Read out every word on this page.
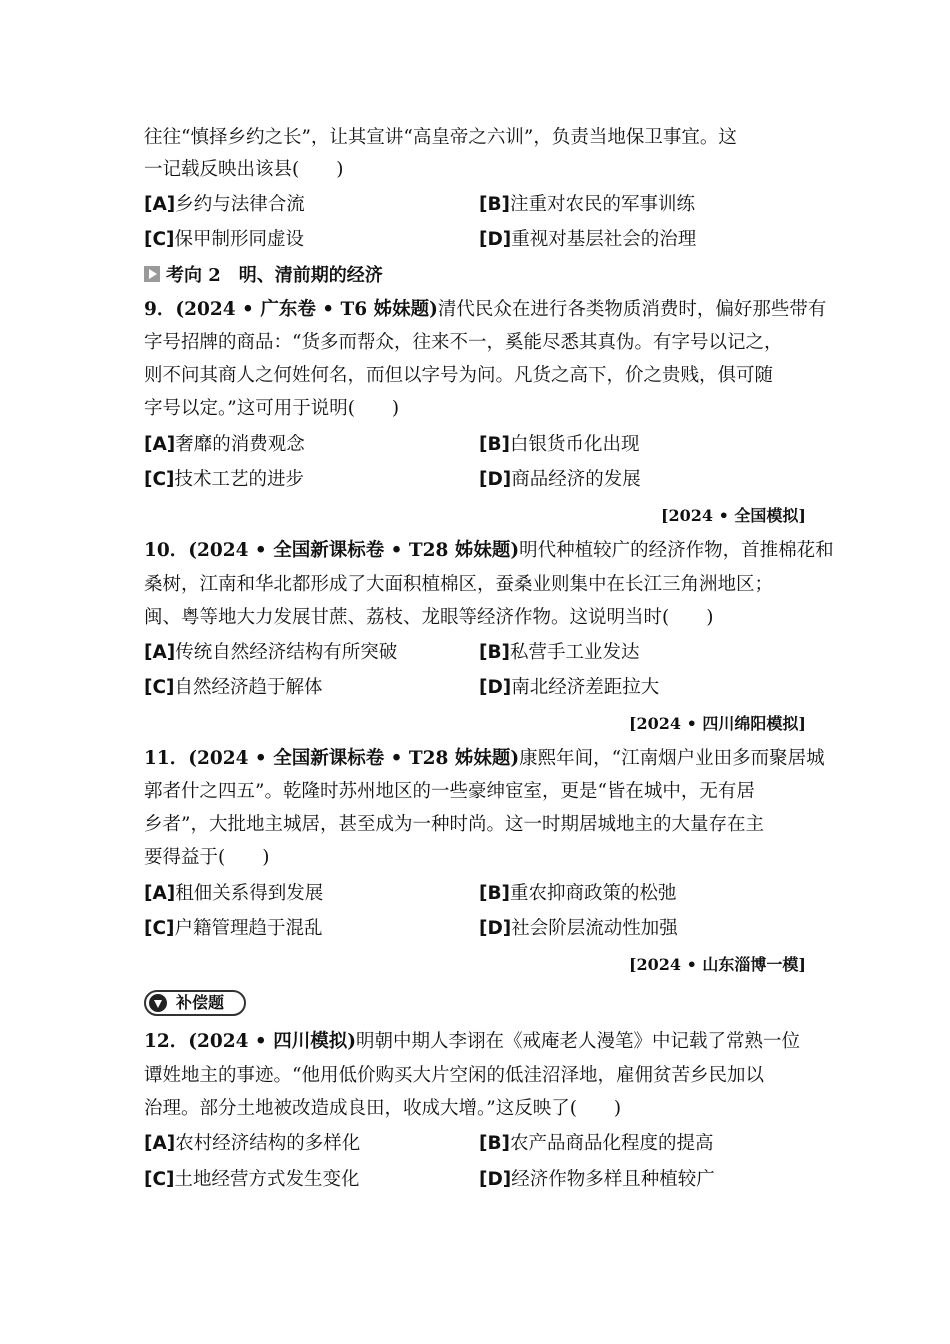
往往“慎择乡约之长”，让其宣讲“高皇帝之六训”，负责当地保卫事宜。这
一记载反映出该县(　　)
[A]乡约与法律合流	[B]注重对农民的军事训练
[C]保甲制形同虚设	[D]重视对基层社会的治理
考向 2　明、清前期的经济
9．(2024 • 广东卷 • T6 姊妹题)清代民众在进行各类物质消费时，偏好那些带有
字号招牌的商品：“货多而帮众，往来不一，奚能尽悉其真伪。有字号以记之，
则不问其商人之何姓何名，而但以字号为问。凡货之高下，价之贵贱，俱可随
字号以定。”这可用于说明(　　)
[A]奢靡的消费观念	[B]白银货币化出现
[C]技术工艺的进步	[D]商品经济的发展
[2024 • 全国模拟]
10．(2024 • 全国新课标卷 • T28 姊妹题)明代种植较广的经济作物，首推棉花和
桑树，江南和华北都形成了大面积植棉区，蚕桑业则集中在长江三角洲地区；
闽、粤等地大力发展甘蔗、荔枝、龙眼等经济作物。这说明当时(　　)
[A]传统自然经济结构有所突破	[B]私营手工业发达
[C]自然经济趋于解体	[D]南北经济差距拉大
[2024 • 四川绵阳模拟]
11．(2024 • 全国新课标卷 • T28 姊妹题)康熙年间，“江南烟户业田多而聚居城
郭者什之四五”。乾隆时苏州地区的一些豪绅宦室，更是“皆在城中，无有居
乡者”，大批地主城居，甚至成为一种时尚。这一时期居城地主的大量存在主
要得益于(　　)
[A]租佃关系得到发展	[B]重农抑商政策的松弛
[C]户籍管理趋于混乱	[D]社会阶层流动性加强
[2024 • 山东淄博一模]
补偿题
12．(2024 • 四川模拟)明朝中期人李诩在《戒庵老人漫笔》中记载了常熟一位
谭姓地主的事迹。“他用低价购买大片空闲的低洼沼泽地，雇佣贫苦乡民加以
治理。部分土地被改造成良田，收成大增。”这反映了(　　)
[A]农村经济结构的多样化	[B]农产品商品化程度的提高
[C]土地经营方式发生变化	[D]经济作物多样且种植较广
